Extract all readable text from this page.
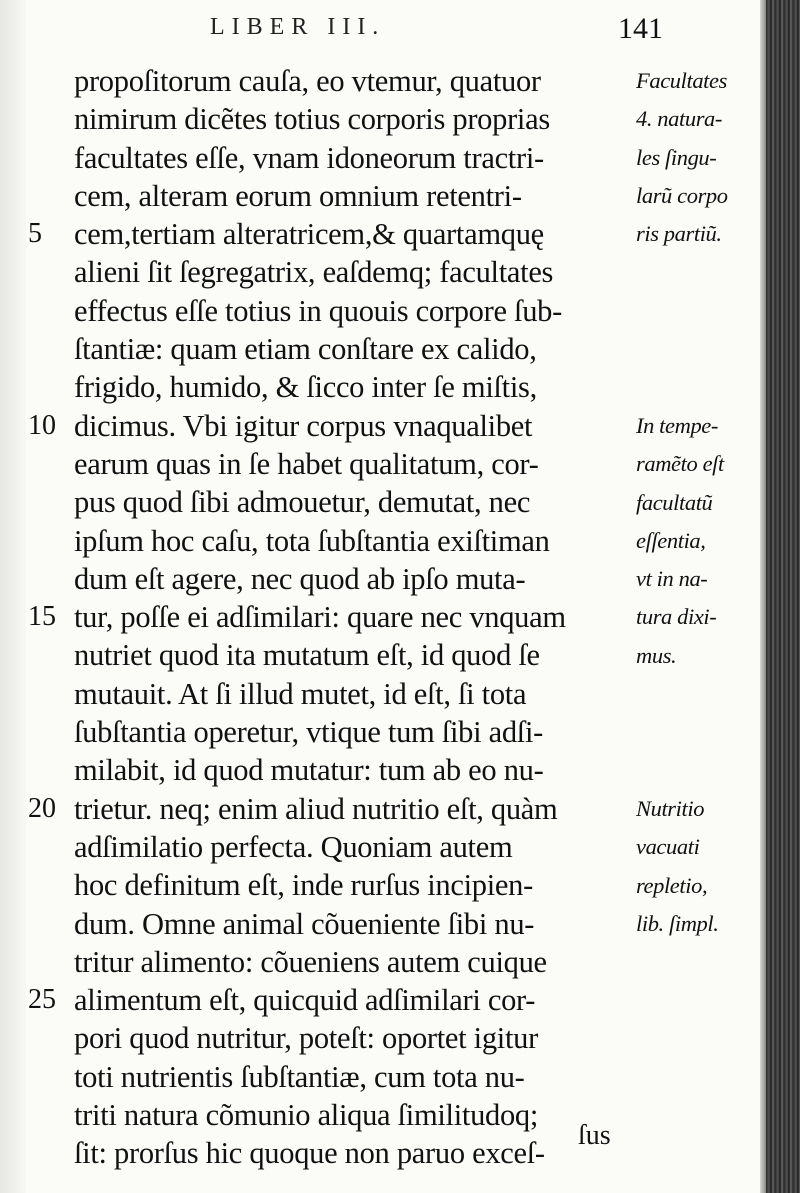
LIBER III.	141
propoſitorum cauſa, eo vtemur, quatuor
nimirum dicẽtes totius corporis proprias
facultates eſſe, vnam idoneorum tractri-
cem, alteram eorum omnium retentri-
cem,tertiam alteratricem,& quartamquę
alieni ſit ſegregatrix, eaſdemq; facultates
effectus eſſe totius in quouis corpore ſub-
ſtantiæ: quam etiam conſtare ex calido,
frigido, humido, & ſicco inter ſe miſtis,
dicimus. Vbi igitur corpus vnaqualibet
earum quas in ſe habet qualitatum, cor-
pus quod ſibi admouetur, demutat, nec
ipſum hoc caſu, tota ſubſtantia exiſtiman
dum eſt agere, nec quod ab ipſo muta-
tur, poſſe ei adſimilari: quare nec vnquam
nutriet quod ita mutatum eſt, id quod ſe
mutauit. At ſi illud mutet, id eſt, ſi tota
ſubſtantia operetur, vtique tum ſibi adſi-
milabit, id quod mutatur: tum ab eo nu-
trietur. neq; enim aliud nutritio eſt, quàm
adſimilatio perfecta. Quoniam autem
hoc definitum eſt, inde rurſus incipien-
dum. Omne animal cõueniente ſibi nu-
tritur alimento: cõueniens autem cuique
alimentum eſt, quicquid adſimilari cor-
pori quod nutritur, poteſt: oportet igitur
toti nutrientis ſubſtantiæ, cum tota nu-
triti natura cõmunio aliqua ſimilitudoq;
ſit: prorſus hic quoque non paruo exceſ-
ſus
5
10
15
20
25
Facultates
4. natura-
les ſingu-
larũ corpo
ris partiũ.
In tempe-
ramẽto eſt
facultatũ
eſſentia,
vt in na-
tura dixi-
mus.
Nutritio
vacuati
repletio,
lib. ſimpl.
